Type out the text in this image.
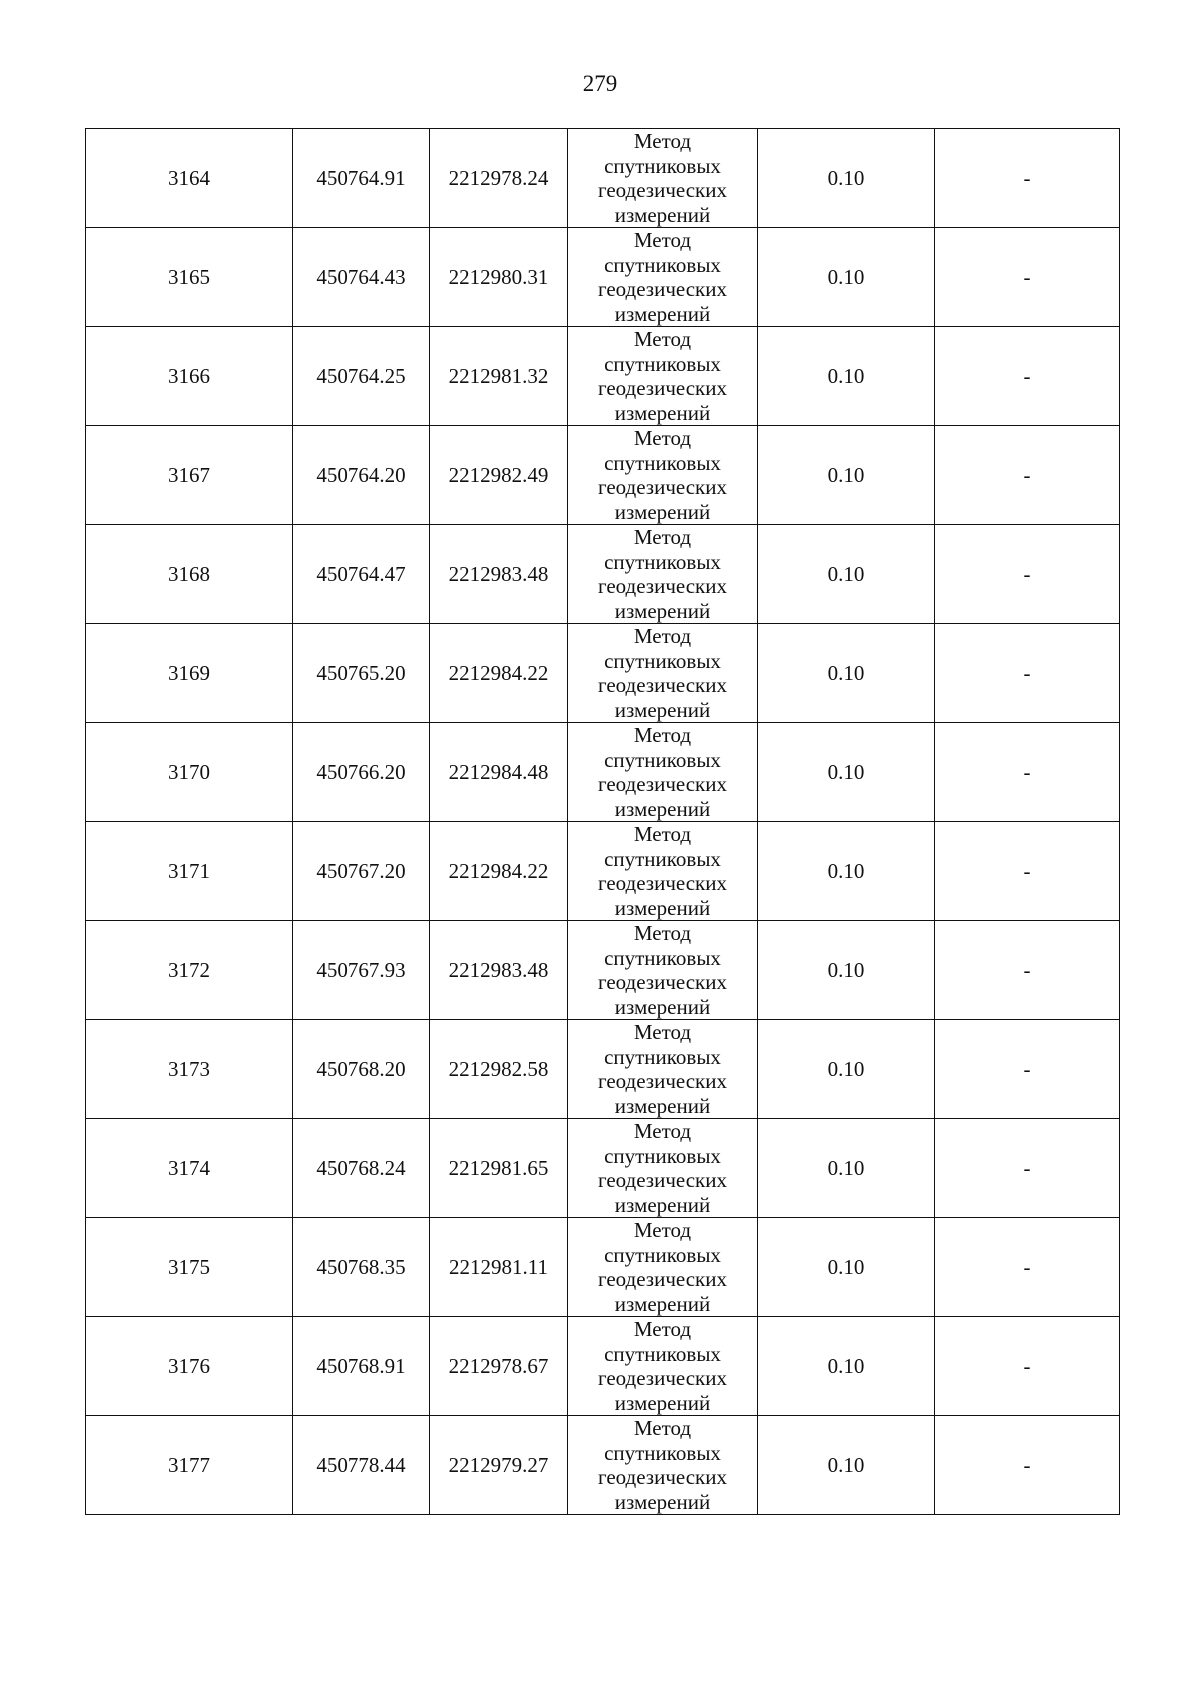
279
3164	450764.91	2212978.24	Метод
спутниковых
геодезических
измерений	0.10	-
3165	450764.43	2212980.31	Метод
спутниковых
геодезических
измерений	0.10	-
3166	450764.25	2212981.32	Метод
спутниковых
геодезических
измерений	0.10	-
3167	450764.20	2212982.49	Метод
спутниковых
геодезических
измерений	0.10	-
3168	450764.47	2212983.48	Метод
спутниковых
геодезических
измерений	0.10	-
3169	450765.20	2212984.22	Метод
спутниковых
геодезических
измерений	0.10	-
3170	450766.20	2212984.48	Метод
спутниковых
геодезических
измерений	0.10	-
3171	450767.20	2212984.22	Метод
спутниковых
геодезических
измерений	0.10	-
3172	450767.93	2212983.48	Метод
спутниковых
геодезических
измерений	0.10	-
3173	450768.20	2212982.58	Метод
спутниковых
геодезических
измерений	0.10	-
3174	450768.24	2212981.65	Метод
спутниковых
геодезических
измерений	0.10	-
3175	450768.35	2212981.11	Метод
спутниковых
геодезических
измерений	0.10	-
3176	450768.91	2212978.67	Метод
спутниковых
геодезических
измерений	0.10	-
3177	450778.44	2212979.27	Метод
спутниковых
геодезических
измерений	0.10	-
